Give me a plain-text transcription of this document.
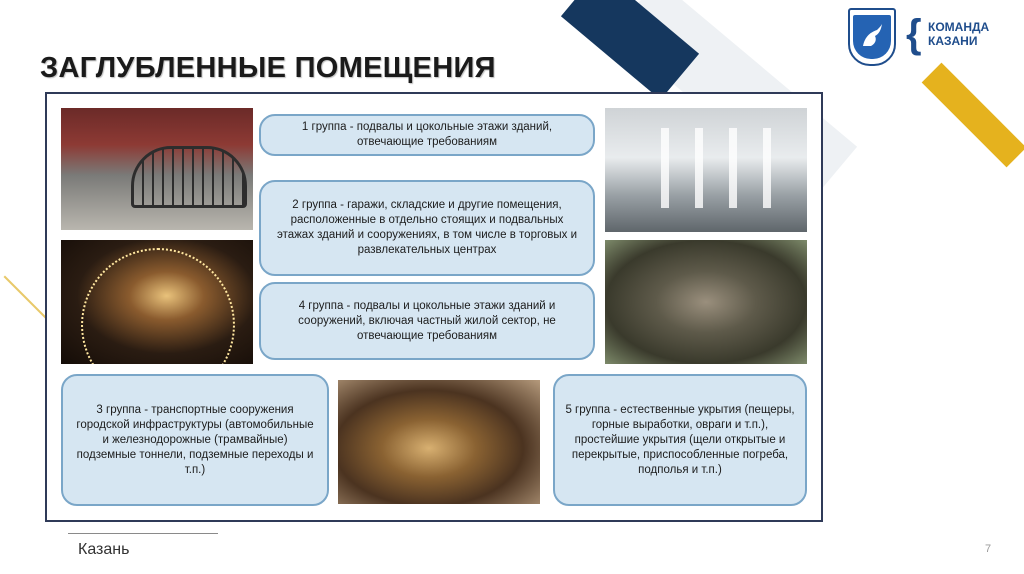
ЗАГЛУБЛЕННЫЕ ПОМЕЩЕНИЯ
{ КОМАНДА
КАЗАНИ
1 группа - подвалы и цокольные этажи зданий, отвечающие требованиям
2 группа - гаражи, складские и другие помещения, расположенные в отдельно стоящих и подвальных этажах зданий и сооружениях, в том числе в торговых и развлекательных центрах
4 группа - подвалы и цокольные этажи зданий и сооружений, включая частный жилой сектор, не отвечающие требованиям
3 группа - транспортные сооружения городской инфраструктуры (автомобильные и железнодорожные (трамвайные) подземные тоннели, подземные переходы и т.п.)
5 группа - естественные укрытия (пещеры, горные выработки, овраги и т.п.), простейшие укрытия (щели открытые и перекрытые, приспособленные погреба, подполья и т.п.)
Казань	7
